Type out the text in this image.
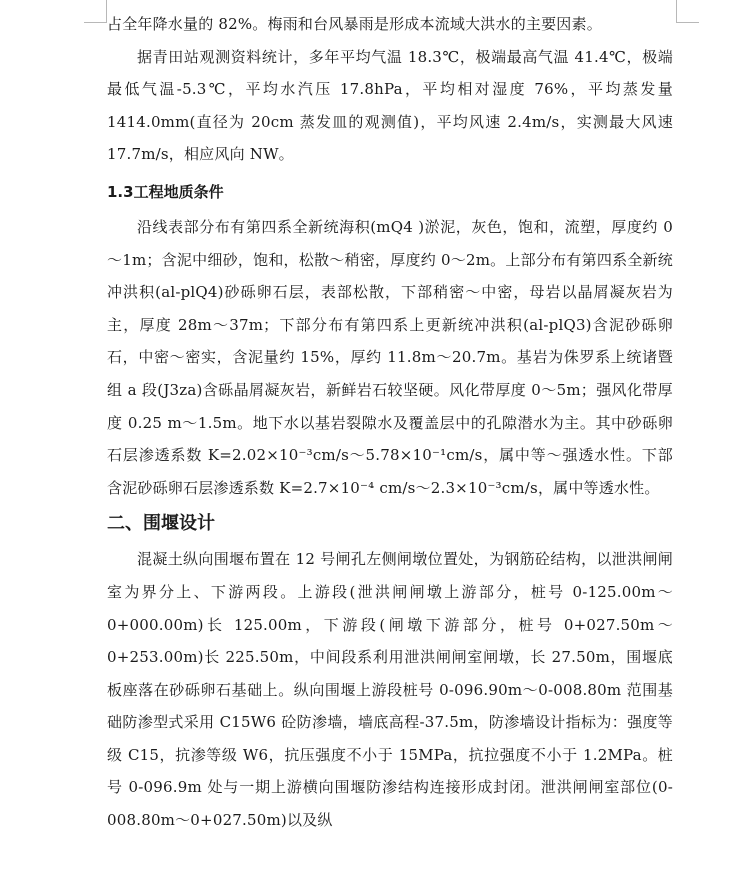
占全年降水量的 82%。梅雨和台风暴雨是形成本流域大洪水的主要因素。

据青田站观测资料统计，多年平均气温 18.3℃，极端最高气温 41.4℃，极端最低气温-5.3℃，平均水汽压 17.8hPa，平均相对湿度 76%，平均蒸发量 1414.0mm(直径为 20cm 蒸发皿的观测值)，平均风速 2.4m/s，实测最大风速 17.7m/s，相应风向 NW。

1.3工程地质条件

沿线表部分布有第四系全新统海积(mQ4 )淤泥，灰色，饱和，流塑，厚度约 0～1m；含泥中细砂，饱和，松散～稍密，厚度约 0～2m。上部分布有第四系全新统冲洪积(al-plQ4)砂砾卵石层，表部松散，下部稍密～中密，母岩以晶屑凝灰岩为主，厚度 28m～37m；下部分布有第四系上更新统冲洪积(al-plQ3)含泥砂砾卵石，中密～密实，含泥量约 15%，厚约 11.8m～20.7m。基岩为侏罗系上统诸暨组 a 段(J3za)含砾晶屑凝灰岩，新鲜岩石较坚硬。风化带厚度 0～5m；强风化带厚度 0.25 m～1.5m。地下水以基岩裂隙水及覆盖层中的孔隙潜水为主。其中砂砾卵石层渗透系数 K=2.02×10⁻³cm/s～5.78×10⁻¹cm/s，属中等～强透水性。下部含泥砂砾卵石层渗透系数 K=2.7×10⁻⁴ cm/s～2.3×10⁻³cm/s，属中等透水性。

二、围堰设计

混凝土纵向围堰布置在 12 号闸孔左侧闸墩位置处，为钢筋砼结构，以泄洪闸闸室为界分上、下游两段。上游段(泄洪闸闸墩上游部分，桩号 0-125.00m～0+000.00m)长 125.00m，下游段(闸墩下游部分，桩号 0+027.50m～0+253.00m)长 225.50m，中间段系利用泄洪闸闸室闸墩，长 27.50m，围堰底板座落在砂砾卵石基础上。纵向围堰上游段桩号 0-096.90m～0-008.80m 范围基础防渗型式采用 C15W6 砼防渗墙，墙底高程-37.5m，防渗墙设计指标为：强度等级 C15，抗渗等级 W6，抗压强度不小于 15MPa，抗拉强度不小于 1.2MPa。桩号 0-096.9m 处与一期上游横向围堰防渗结构连接形成封闭。泄洪闸闸室部位(0-008.80m～0+027.50m)以及纵
